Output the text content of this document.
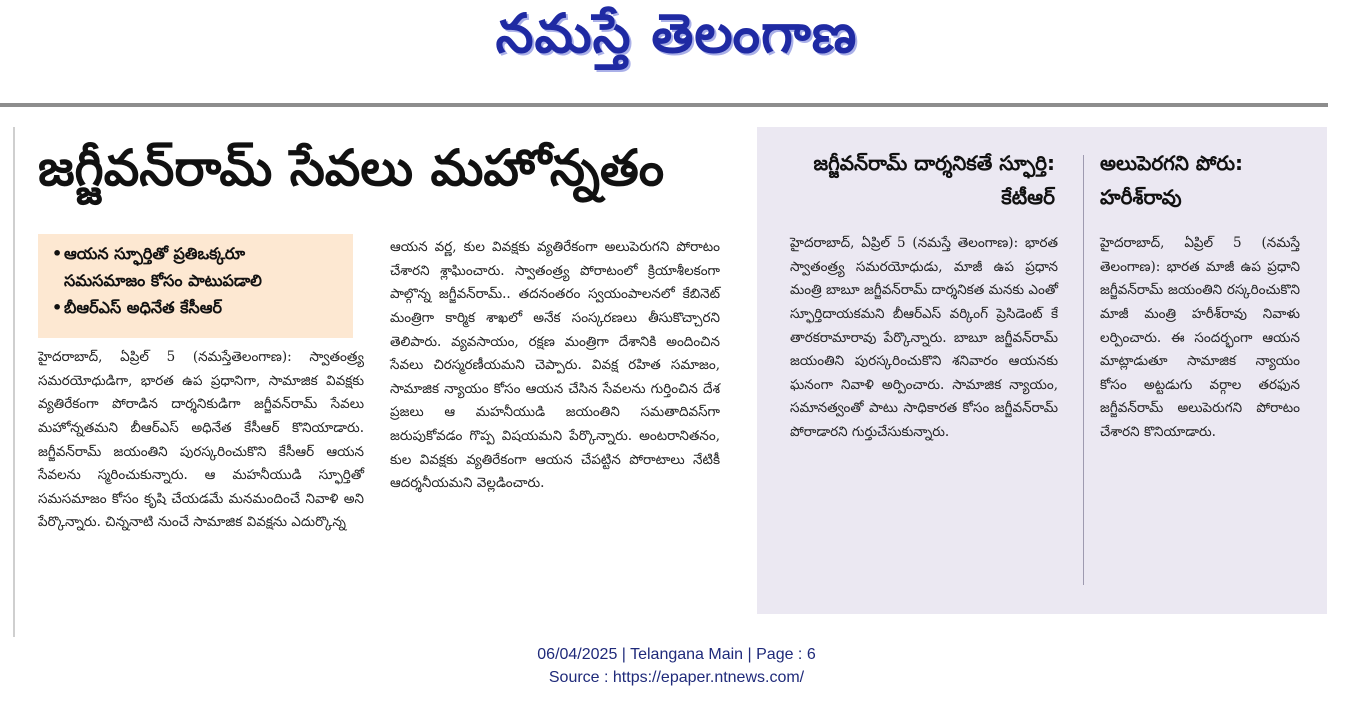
నమస్తే తెలంగాణ
జగ్జీవన్‌రామ్ సేవలు మహోన్నతం
• ఆయన స్ఫూర్తితో ప్రతిఒక్కరూ
సమసమాజం కోసం పాటుపడాలి
• బీఆర్‌ఎస్ అధినేత కేసీఆర్

హైదరాబాద్, ఏప్రిల్ 5 (నమస్తేతెలంగాణ): స్వాతంత్ర్య సమరయోధుడిగా, భారత ఉప ప్రధానిగా, సామాజిక వివక్షకు వ్యతిరేకంగా పోరాడిన దార్శనికుడిగా జగ్జీవన్‌రామ్ సేవలు మహోన్నతమని బీఆర్‌ఎస్ అధినేత కేసీఆర్ కొనియాడారు. జగ్జీవన్‌రామ్ జయంతిని పురస్కరించుకొని కేసీఆర్ ఆయన సేవలను స్మరించుకున్నారు. ఆ మహనీయుడి స్ఫూర్తితో సమసమాజం కోసం కృషి చేయడమే మనమందించే నివాళి అని పేర్కొన్నారు. చిన్ననాటి నుంచే సామాజిక వివక్షను ఎదుర్కొన్న

ఆయన వర్ణ, కుల వివక్షకు వ్యతిరేకంగా అలుపెరుగని పోరాటం చేశారని శ్లాఘించారు. స్వాతంత్ర్య పోరాటంలో క్రియాశీలకంగా పాల్గొన్న జగ్జీవన్‌రామ్.. తదనంతరం స్వయంపాలనలో కేబినెట్ మంత్రిగా కార్మిక శాఖలో అనేక సంస్కరణలు తీసుకొచ్చారని తెలిపారు. వ్యవసాయం, రక్షణ మంత్రిగా దేశానికి అందించిన సేవలు చిరస్మరణీయమని చెప్పారు. వివక్ష రహిత సమాజం, సామాజిక న్యాయం కోసం ఆయన చేసిన సేవలను గుర్తించిన దేశ ప్రజలు ఆ మహనీయుడి జయంతిని సమతాదివస్‌గా జరుపుకోవడం గొప్ప విషయమని పేర్కొన్నారు. అంటరానితనం, కుల వివక్షకు వ్యతిరేకంగా ఆయన చేపట్టిన పోరాటాలు నేటికీ ఆదర్శనీయమని వెల్లడించారు.

జగ్జీవన్‌రామ్ దార్శనికతే స్ఫూర్తి: కేటీఆర్

హైదరాబాద్, ఏప్రిల్ 5 (నమస్తే తెలంగాణ): భారత స్వాతంత్ర్య సమరయోధుడు, మాజీ ఉప ప్రధాన మంత్రి బాబూ జగ్జీవన్‌రామ్ దార్శనికత మనకు ఎంతో స్ఫూర్తిదాయకమని బీఆర్‌ఎస్ వర్కింగ్ ప్రెసిడెంట్ కే తారకరామారావు పేర్కొన్నారు. బాబూ జగ్జీవన్‌రామ్ జయంతిని పురస్కరించుకొని శనివారం ఆయనకు ఘనంగా నివాళి అర్పించారు. సామాజిక న్యాయం, సమానత్వంతో పాటు సాధికారత కోసం జగ్జీవన్‌రామ్ పోరాడారని గుర్తుచేసుకున్నారు.

అలుపెరగని పోరు: హరీశ్‌రావు

హైదరాబాద్, ఏప్రిల్ 5 (నమస్తే తెలంగాణ): భారత మాజీ ఉప ప్రధాని జగ్జీవన్‌రామ్ జయంతిని రస్కరించుకొని మాజీ మంత్రి హరీశ్‌రావు నివాళు లర్పించారు. ఈ సందర్భంగా ఆయన మాట్లాడుతూ సామాజిక న్యాయం కోసం అట్టడుగు వర్గాల తరఫున జగ్జీవన్‌రామ్ అలుపెరుగని పోరాటం చేశారని కొనియాడారు.

06/04/2025 | Telangana Main | Page : 6
Source : https://epaper.ntnews.com/
